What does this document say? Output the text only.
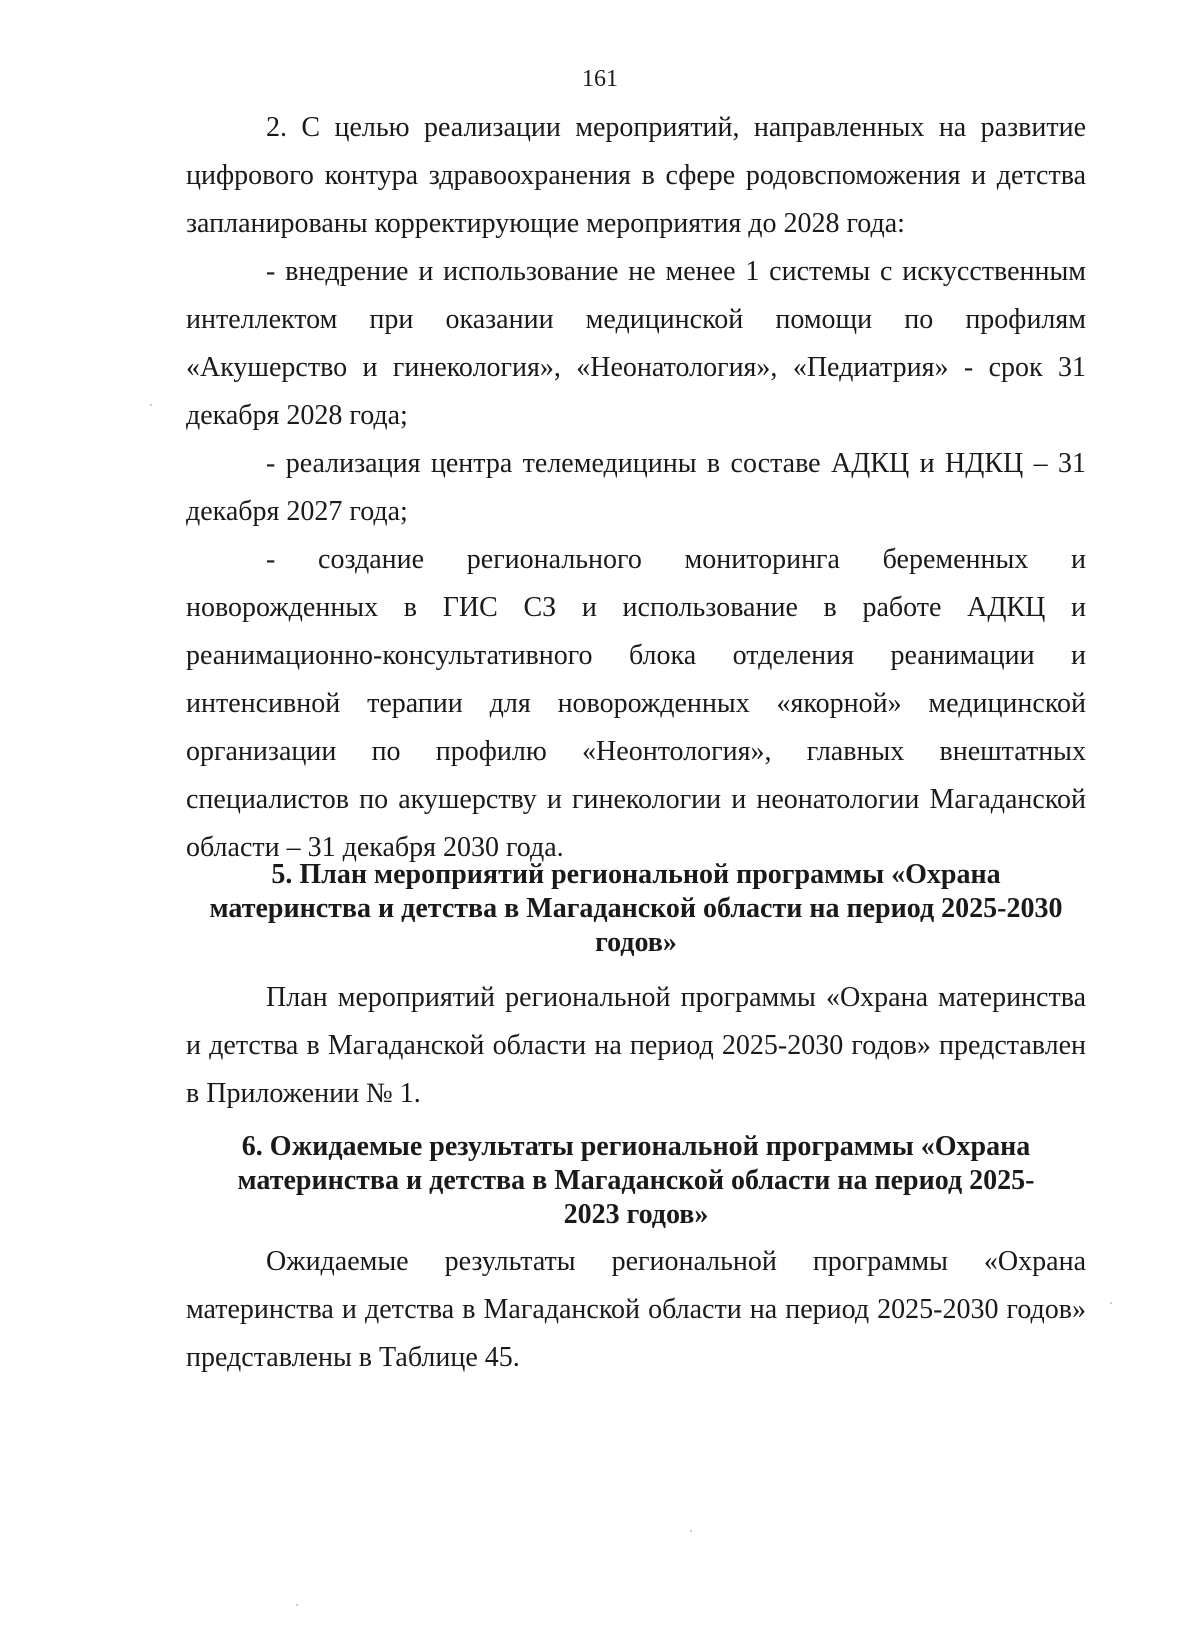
161

2. С целью реализации мероприятий, направленных на развитие цифрового контура здравоохранения в сфере родовспоможения и детства запланированы корректирующие мероприятия до 2028 года:

- внедрение и использование не менее 1 системы с искусственным интеллектом при оказании медицинской помощи по профилям «Акушерство и гинекология», «Неонатология», «Педиатрия» - срок 31 декабря 2028 года;

- реализация центра телемедицины в составе АДКЦ и НДКЦ – 31 декабря 2027 года;

- создание регионального мониторинга беременных и новорожденных в ГИС СЗ и использование в работе АДКЦ и реанимационно-консультативного блока отделения реанимации и интенсивной терапии для новорожденных «якорной» медицинской организации по профилю «Неонтология», главных внештатных специалистов по акушерству и гинекологии и неонатологии Магаданской области – 31 декабря 2030 года.

5. План мероприятий региональной программы «Охрана
материнства и детства в Магаданской области на период 2025-2030
годов»

План мероприятий региональной программы «Охрана материнства и детства в Магаданской области на период 2025-2030 годов» представлен в Приложении № 1.

6. Ожидаемые результаты региональной программы «Охрана
материнства и детства в Магаданской области на период 2025-
2023 годов»

Ожидаемые результаты региональной программы «Охрана материнства и детства в Магаданской области на период 2025-2030 годов» представлены в Таблице 45.
